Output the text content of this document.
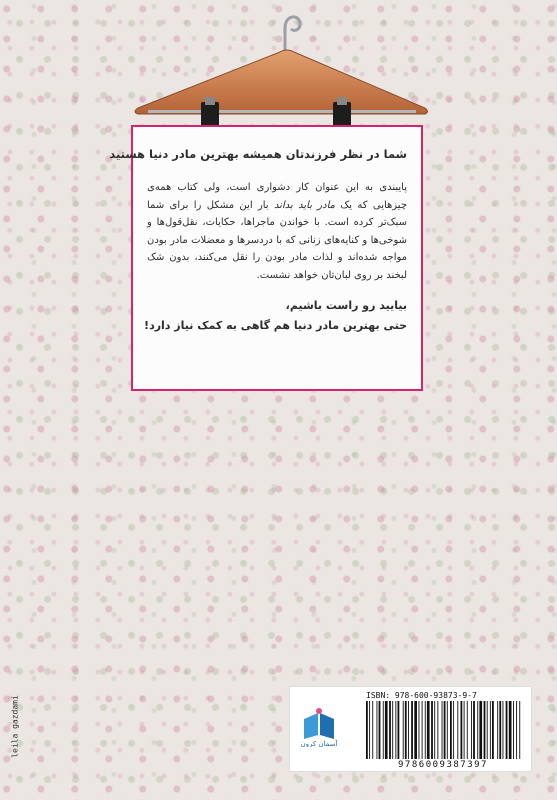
شما در نظر فرزندتان همیشه بهترین مادر دنیا هستید
پایبندی به این عنوان کار دشواری است، ولی کتاب همه‌ی چیزهایی که یک مادر باید بداند بار این مشکل را برای شما سبک‌تر کرده است. با خواندن ماجراها، حکایات، نقل‌قول‌ها و شوخی‌ها و کنایه‌های زنانی که با دردسرها و معضلات مادر بودن مواجه شده‌اند و لذات مادر بودن را نقل می‌کنند، بدون شک لبخند بر روی لبان‌تان خواهد نشست.
بیایید رو راست باشیم،
حتی بهترین مادر دنیا هم گاهی به کمک نیاز دارد!
leila gazdami	آسمان کرون
ISBN: 978-600-93873-9-7
9786009387397
